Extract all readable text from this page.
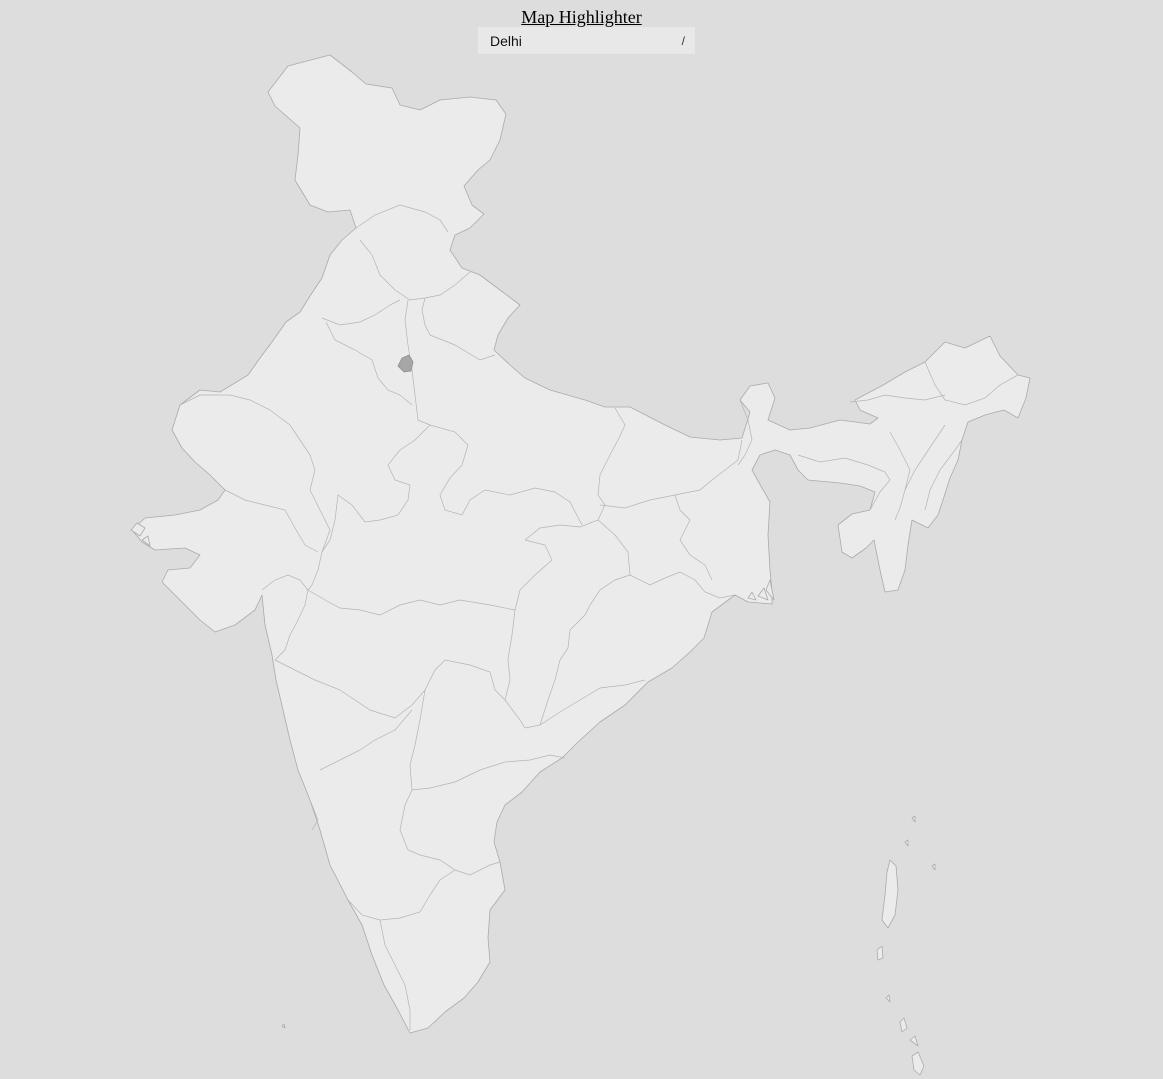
Map Highlighter
Delhi	/
